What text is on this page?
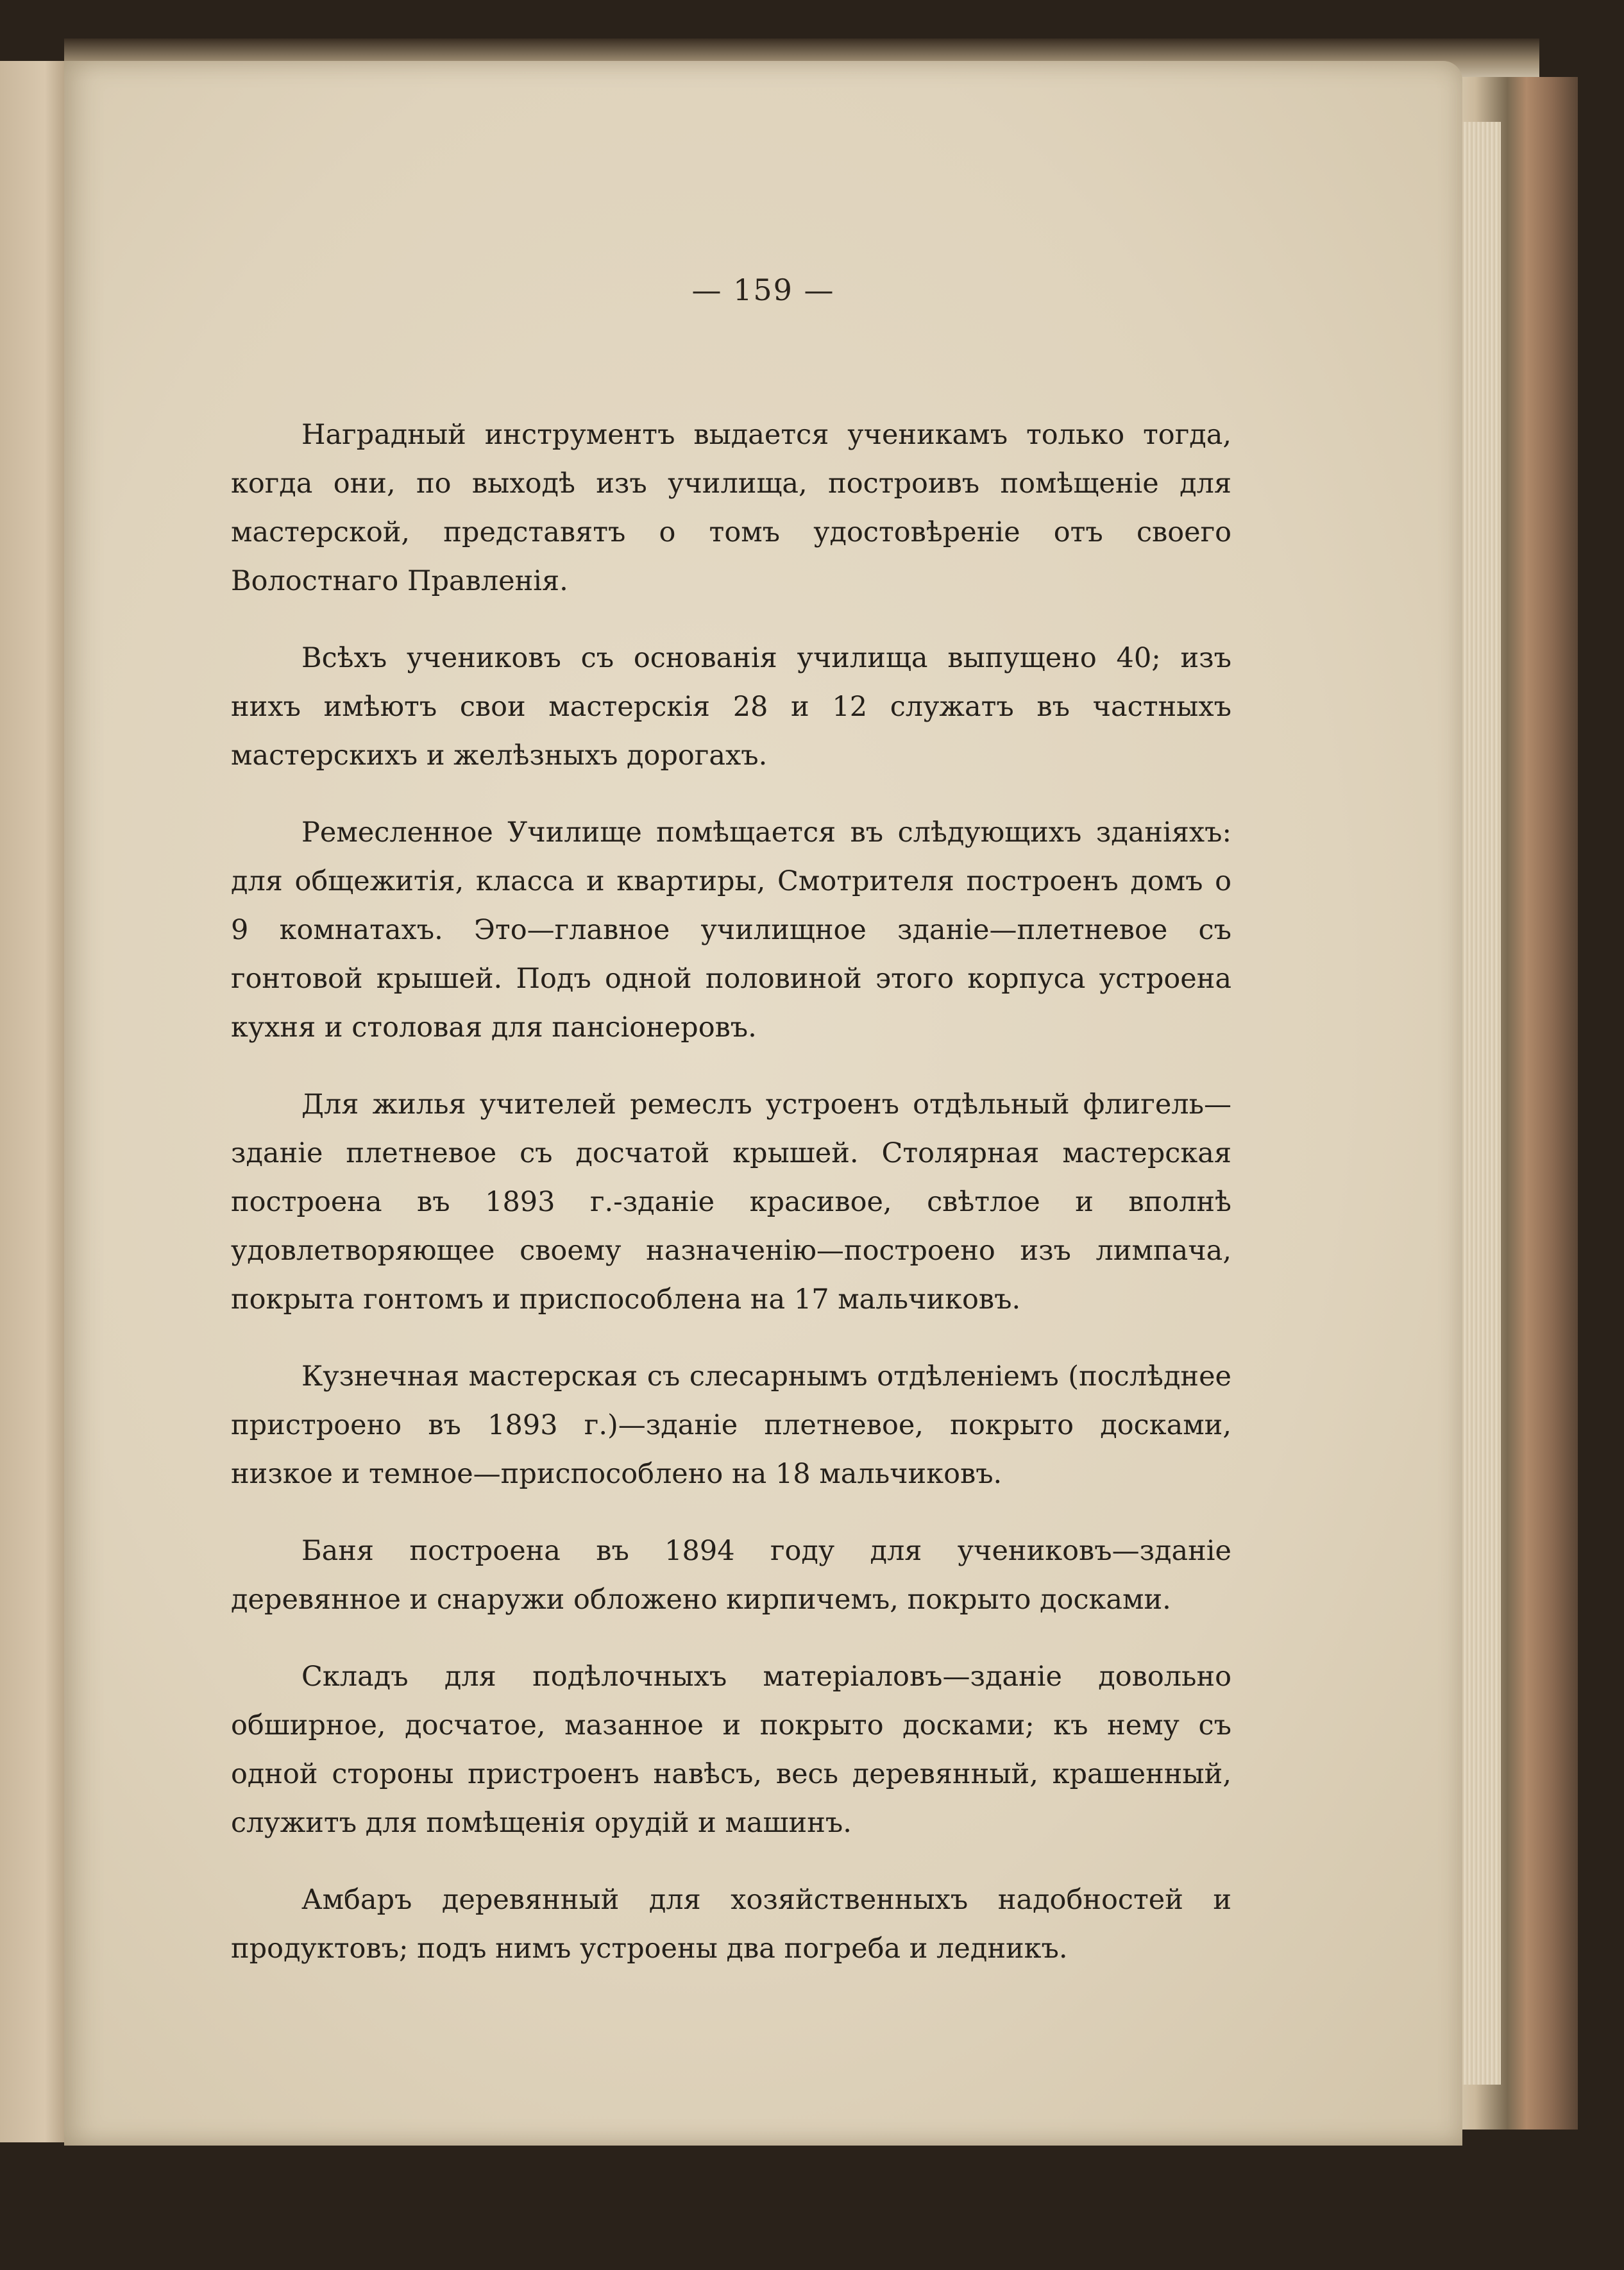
— 159 —

Наградный инструментъ выдается ученикамъ только тогда, когда они, по выходѣ изъ училища, построивъ помѣщеніе для мастерской, представятъ о томъ удостовѣреніе отъ своего Волостнаго Правленія.

Всѣхъ учениковъ съ основанія училища выпущено 40; изъ нихъ имѣютъ свои мастерскія 28 и 12 служатъ въ частныхъ мастерскихъ и желѣзныхъ дорогахъ.

Ремесленное Училище помѣщается въ слѣдующихъ зданіяхъ: для общежитія, класса и квартиры, Смотрителя построенъ домъ о 9 комнатахъ. Это—главное училищное зданіе—плетневое съ гонтовой крышей. Подъ одной половиной этого корпуса устроена кухня и столовая для пансіонеровъ.

Для жилья учителей ремеслъ устроенъ отдѣльный флигель—зданіе плетневое съ досчатой крышей. Столярная мастерская построена въ 1893 г.-зданіе красивое, свѣтлое и вполнѣ удовлетворяющее своему назначенію—построено изъ лимпача, покрыта гонтомъ и приспособлена на 17 мальчиковъ.

Кузнечная мастерская съ слесарнымъ отдѣленіемъ (послѣднее пристроено въ 1893 г.)—зданіе плетневое, покрыто досками, низкое и темное—приспособлено на 18 мальчиковъ.

Баня построена въ 1894 году для учениковъ—зданіе деревянное и снаружи обложено кирпичемъ, покрыто досками.

Складъ для подѣлочныхъ матеріаловъ—зданіе довольно обширное, досчатое, мазанное и покрыто досками; къ нему съ одной стороны пристроенъ навѣсъ, весь деревянный, крашенный, служитъ для помѣщенія орудій и машинъ.

Амбаръ деревянный для хозяйственныхъ надобностей и продуктовъ; подъ нимъ устроены два погреба и ледникъ.
